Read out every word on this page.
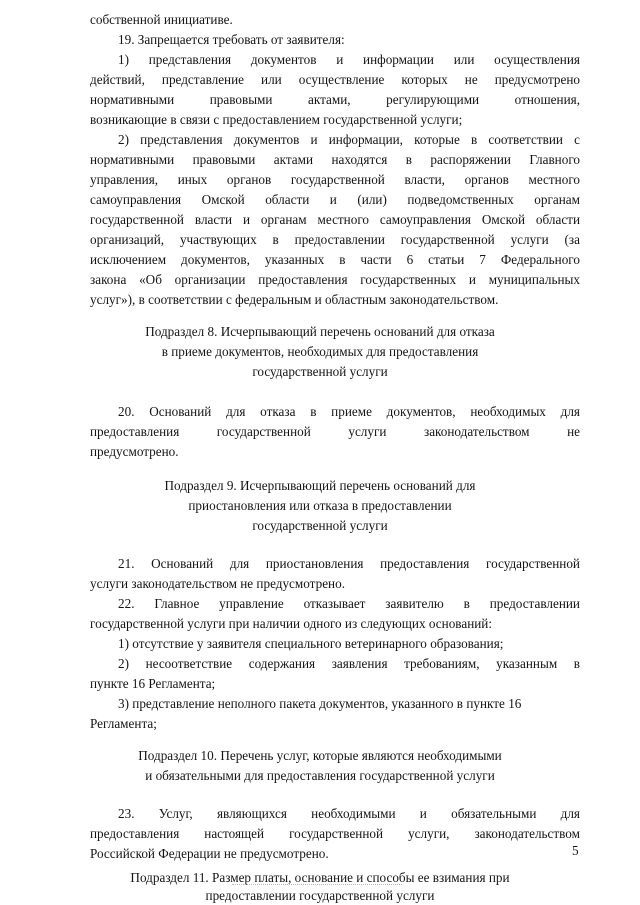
собственной инициативе.
19. Запрещается требовать от заявителя:
1) представления документов и информации или осуществления
действий, представление или осуществление которых не предусмотрено
нормативными правовыми актами, регулирующими отношения,
возникающие в связи с предоставлением государственной услуги;
2) представления документов и информации, которые в соответствии с
нормативными правовыми актами находятся в распоряжении Главного
управления, иных органов государственной власти, органов местного
самоуправления Омской области и (или) подведомственных органам
государственной власти и органам местного самоуправления Омской области
организаций, участвующих в предоставлении государственной услуги (за
исключением документов, указанных в части 6 статьи 7 Федерального
закона «Об организации предоставления государственных и муниципальных
услуг»), в соответствии с федеральным и областным законодательством.
Подраздел 8. Исчерпывающий перечень оснований для отказа
в приеме документов, необходимых для предоставления
государственной услуги
20. Оснований для отказа в приеме документов, необходимых для
предоставления государственной услуги законодательством не
предусмотрено.
Подраздел 9. Исчерпывающий перечень оснований для
приостановления или отказа в предоставлении
государственной услуги
21. Оснований для приостановления предоставления государственной
услуги законодательством не предусмотрено.
22. Главное управление отказывает заявителю в предоставлении
государственной услуги при наличии одного из следующих оснований:
1) отсутствие у заявителя специального ветеринарного образования;
2) несоответствие содержания заявления требованиям, указанным в
пункте 16 Регламента;
3) представление неполного пакета документов, указанного в пункте 16
Регламента;
Подраздел 10. Перечень услуг, которые являются необходимыми
и обязательными для предоставления государственной услуги
23. Услуг, являющихся необходимыми и обязательными для
предоставления настоящей государственной услуги, законодательством
Российской Федерации не предусмотрено.
Подраздел 11. Размер платы, основание и способы ее взимания при
предоставлении государственной услуги
5
